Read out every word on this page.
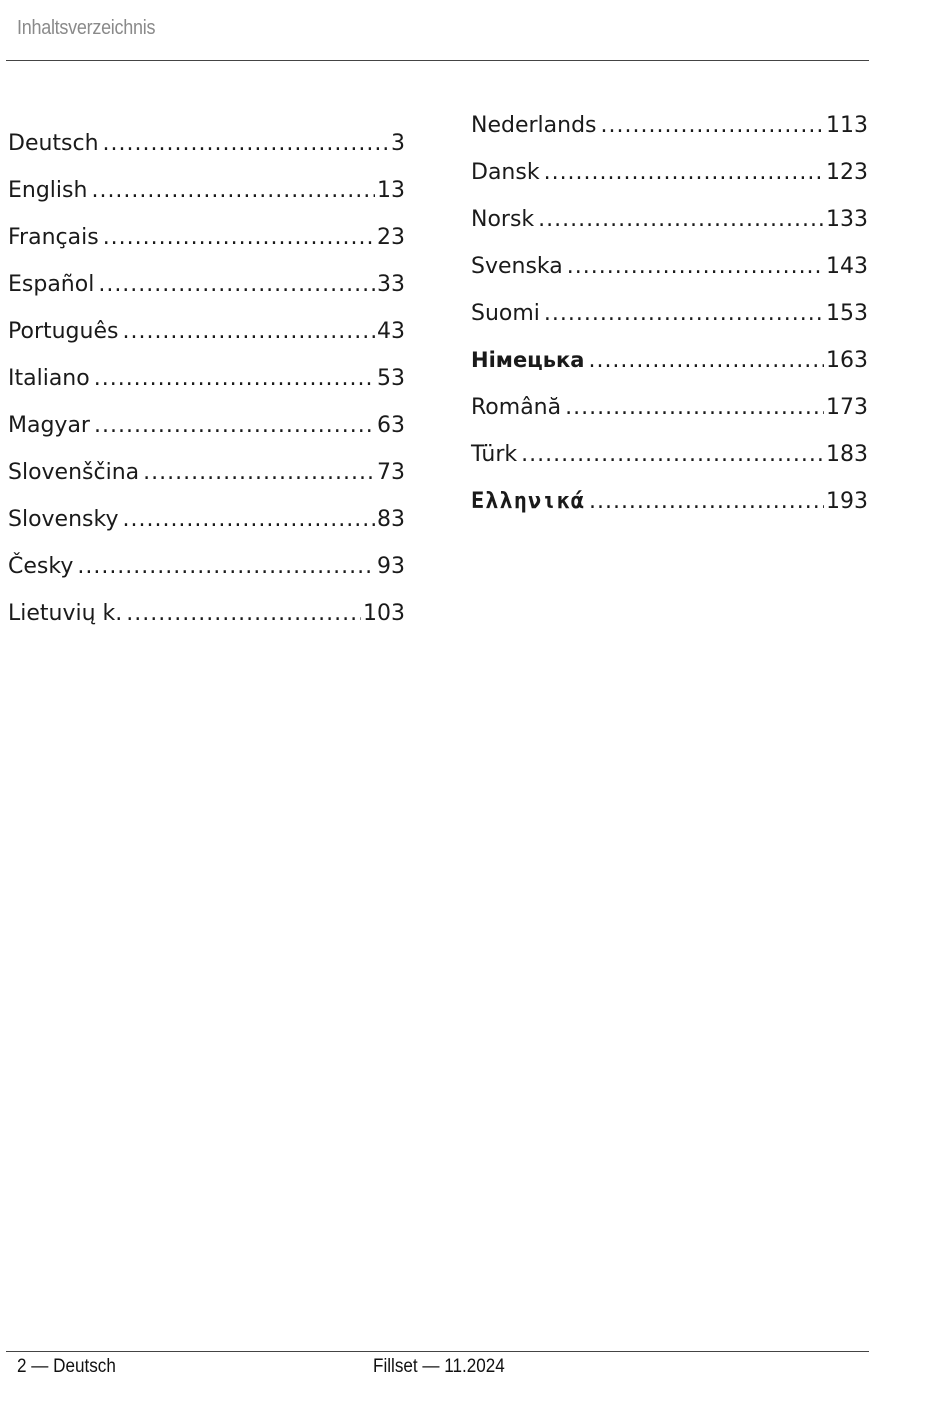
Inhaltsverzeichnis
Deutsch .....	3
English .....	13
Français .....	23
Español .....	33
Português .....	43
Italiano .....	53
Magyar .....	63
Slovenščina .....	73
Slovensky .....	83
Česky .....	93
Lietuvių k. .....	103
Nederlands .....	113
Dansk .....	123
Norsk .....	133
Svenska .....	143
Suomi .....	153
Німецька .....	163
Română .....	173
Türk .....	183
Ελληνικά .....	193
2 — Deutsch	Fillset — 11.2024
